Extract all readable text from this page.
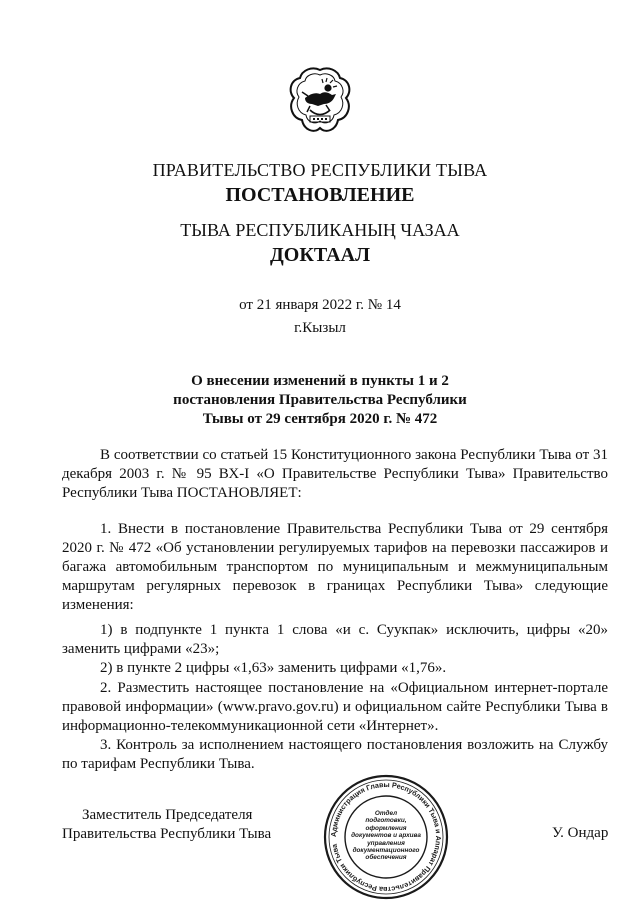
ПРАВИТЕЛЬСТВО РЕСПУБЛИКИ ТЫВА
ПОСТАНОВЛЕНИЕ
ТЫВА РЕСПУБЛИКАНЫҢ ЧАЗАА
ДОКТААЛ
от 21 января 2022 г. № 14
г.Кызыл
О внесении изменений в пункты 1 и 2
постановления Правительства Республики
Тывы от 29 сентября 2020 г. № 472
В соответствии со статьей 15 Конституционного закона Республики Тыва от 31 декабря 2003 г. № 95 ВХ-I «О Правительстве Республики Тыва» Правительство Республики Тыва ПОСТАНОВЛЯЕТ:
1. Внести в постановление Правительства Республики Тыва от 29 сентября 2020 г. № 472 «Об установлении регулируемых тарифов на перевозки пассажиров и багажа автомобильным транспортом по муниципальным и межмуниципальным маршрутам регулярных перевозок в границах Республики Тыва» следующие изменения:
1) в подпункте 1 пункта 1 слова «и с. Суукпак» исключить, цифры «20» заменить цифрами «23»;
2) в пункте 2 цифры «1,63» заменить цифрами «1,76».
2. Разместить настоящее постановление на «Официальном интернет-портале правовой информации» (www.pravo.gov.ru) и официальном сайте Республики Тыва в информационно-телекоммуникационной сети «Интернет».
3. Контроль за исполнением настоящего постановления возложить на Службу по тарифам Республики Тыва.
Администрация Главы Республики Тыва и Аппарат Правительства Республики Тыва
Отдел
подготовки,
оформления
документов и архива
управления
документационного
обеспечения
Заместитель Председателя
Правительства Республики Тыва	У. Ондар
